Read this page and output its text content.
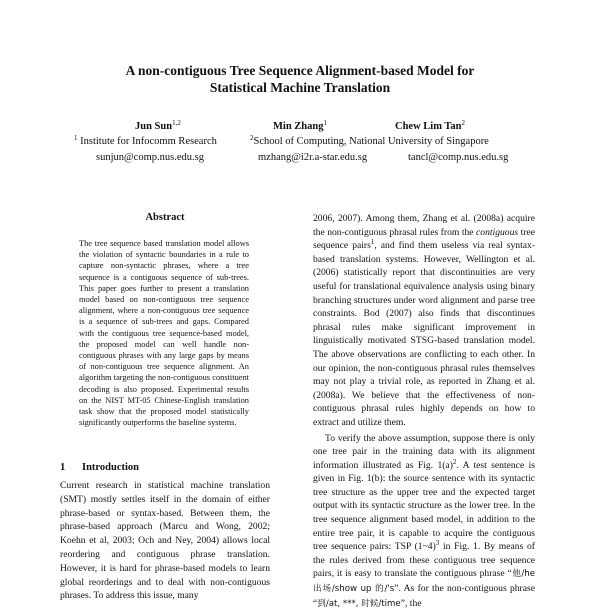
A non-contiguous Tree Sequence Alignment-based Model for
Statistical Machine Translation
Jun Sun$^{1,2}$	Min Zhang$^1$	Chew Lim Tan$^2$
$^1$ Institute for Infocomm Research	$^2$School of Computing, National University of Singapore
sunjun@comp.nus.edu.sg	mzhang@i2r.a-star.edu.sg	tancl@comp.nus.edu.sg
Abstract
The tree sequence based translation model allows the violation of syntactic boundaries in a rule to capture non-syntactic phrases, where a tree sequence is a contiguous sequence of sub-trees. This paper goes further to present a translation model based on non-contiguous tree sequence alignment, where a non-contiguous tree sequence is a sequence of sub-trees and gaps. Compared with the contiguous tree sequence-based model, the proposed model can well handle non-contiguous phrases with any large gaps by means of non-contiguous tree sequence alignment. An algorithm targeting the non-contiguous constituent decoding is also proposed. Experimental results on the NIST MT-05 Chinese-English translation task show that the proposed model statistically significantly outperforms the baseline systems.
1 Introduction

Current research in statistical machine translation (SMT) mostly settles itself in the domain of either phrase-based or syntax-based. Between them, the phrase-based approach (Marcu and Wong, 2002; Koehn et al, 2003; Och and Ney, 2004) allows local reordering and contiguous phrase translation. However, it is hard for phrase-based models to learn global reorderings and to deal with non-contiguous phrases. To address this issue, many

2006, 2007). Among them, Zhang et al. (2008a) acquire the non-contiguous phrasal rules from the contiguous tree sequence pairs$^1$, and find them useless via real syntax-based translation systems. However, Wellington et al. (2006) statistically report that discontinuities are very useful for translational equivalence analysis using binary branching structures under word alignment and parse tree constraints. Bod (2007) also finds that discontinues phrasal rules make significant improvement in linguistically motivated STSG-based translation model. The above observations are conflicting to each other. In our opinion, the non-contiguous phrasal rules themselves may not play a trivial role, as reported in Zhang et al. (2008a). We believe that the effectiveness of non-contiguous phrasal rules highly depends on how to extract and utilize them.

To verify the above assumption, suppose there is only one tree pair in the training data with its alignment information illustrated as Fig. $1(a)^2$. A test sentence is given in Fig. 1(b): the source sentence with its syntactic tree structure as the upper tree and the expected target output with its syntactic structure as the lower tree. In the tree sequence alignment based model, in addition to the entire tree pair, it is capable to acquire the contiguous tree sequence pairs: TSP (1~4)$^3$ in Fig. 1. By means of the rules derived from these contiguous tree sequence pairs, it is easy to translate the contiguous phrase “他/he 出场/show up 的/'s”. As for the non-contiguous phrase “到/at, ***, 时候/time”, the
